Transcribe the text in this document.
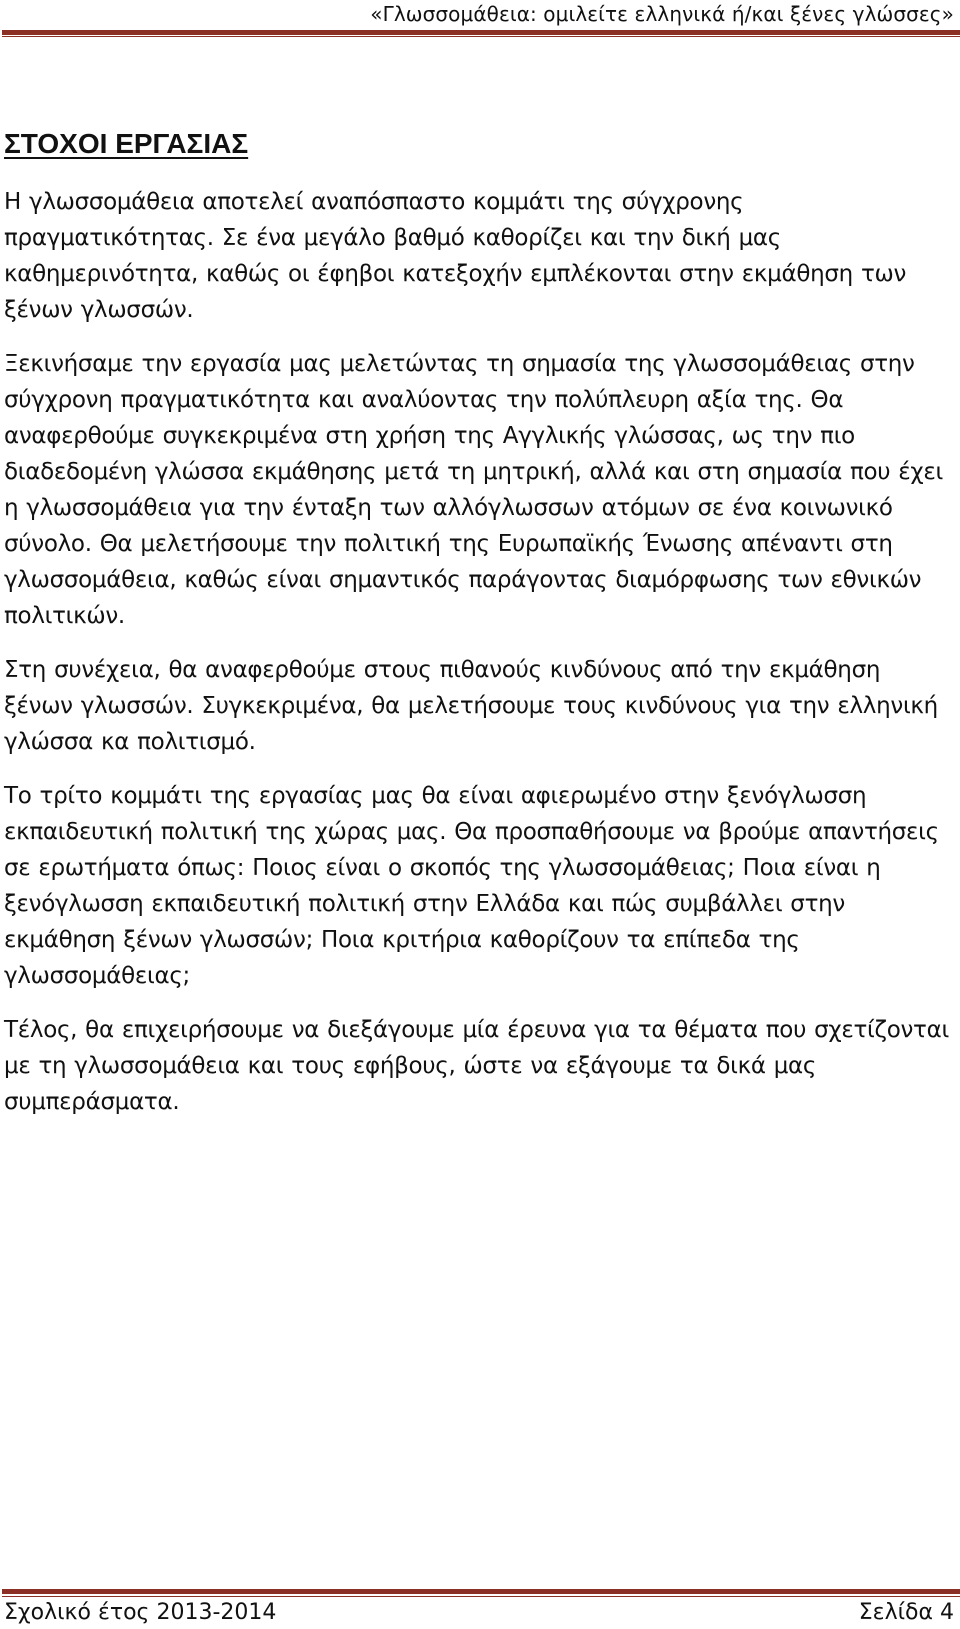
«Γλωσσομάθεια: ομιλείτε ελληνικά ή/και ξένες γλώσσες»
ΣΤΟΧΟΙ ΕΡΓΑΣΙΑΣ

Η γλωσσομάθεια αποτελεί αναπόσπαστο κομμάτι της σύγχρονης πραγματικότητας. Σε ένα μεγάλο βαθμό καθορίζει και την δική μας καθημερινότητα, καθώς οι έφηβοι κατεξοχήν εμπλέκονται στην εκμάθηση των ξένων γλωσσών.

Ξεκινήσαμε την εργασία μας μελετώντας τη σημασία της γλωσσομάθειας στην σύγχρονη πραγματικότητα και αναλύοντας την πολύπλευρη αξία της. Θα αναφερθούμε συγκεκριμένα στη χρήση της Αγγλικής γλώσσας, ως την πιο διαδεδομένη γλώσσα εκμάθησης μετά τη μητρική, αλλά και στη σημασία που έχει η γλωσσομάθεια για την ένταξη των αλλόγλωσσων ατόμων σε ένα κοινωνικό σύνολο. Θα μελετήσουμε την πολιτική της Ευρωπαϊκής Ένωσης απέναντι στη γλωσσομάθεια, καθώς είναι σημαντικός παράγοντας διαμόρφωσης των εθνικών πολιτικών.

Στη συνέχεια, θα αναφερθούμε στους πιθανούς κινδύνους από την εκμάθηση ξένων γλωσσών. Συγκεκριμένα, θα μελετήσουμε τους κινδύνους για την ελληνική γλώσσα κα πολιτισμό.

Το τρίτο κομμάτι της εργασίας μας θα είναι αφιερωμένο στην ξενόγλωσση εκπαιδευτική πολιτική της χώρας μας. Θα προσπαθήσουμε να βρούμε απαντήσεις σε ερωτήματα όπως: Ποιος είναι ο σκοπός της γλωσσομάθειας; Ποια είναι η ξενόγλωσση εκπαιδευτική πολιτική στην Ελλάδα και πώς συμβάλλει στην εκμάθηση ξένων γλωσσών; Ποια κριτήρια καθορίζουν τα επίπεδα της γλωσσομάθειας;

Τέλος, θα επιχειρήσουμε να διεξάγουμε μία έρευνα για τα θέματα που σχετίζονται με τη γλωσσομάθεια και τους εφήβους, ώστε να εξάγουμε τα δικά μας συμπεράσματα.

Σχολικό έτος 2013-2014	Σελίδα 4
